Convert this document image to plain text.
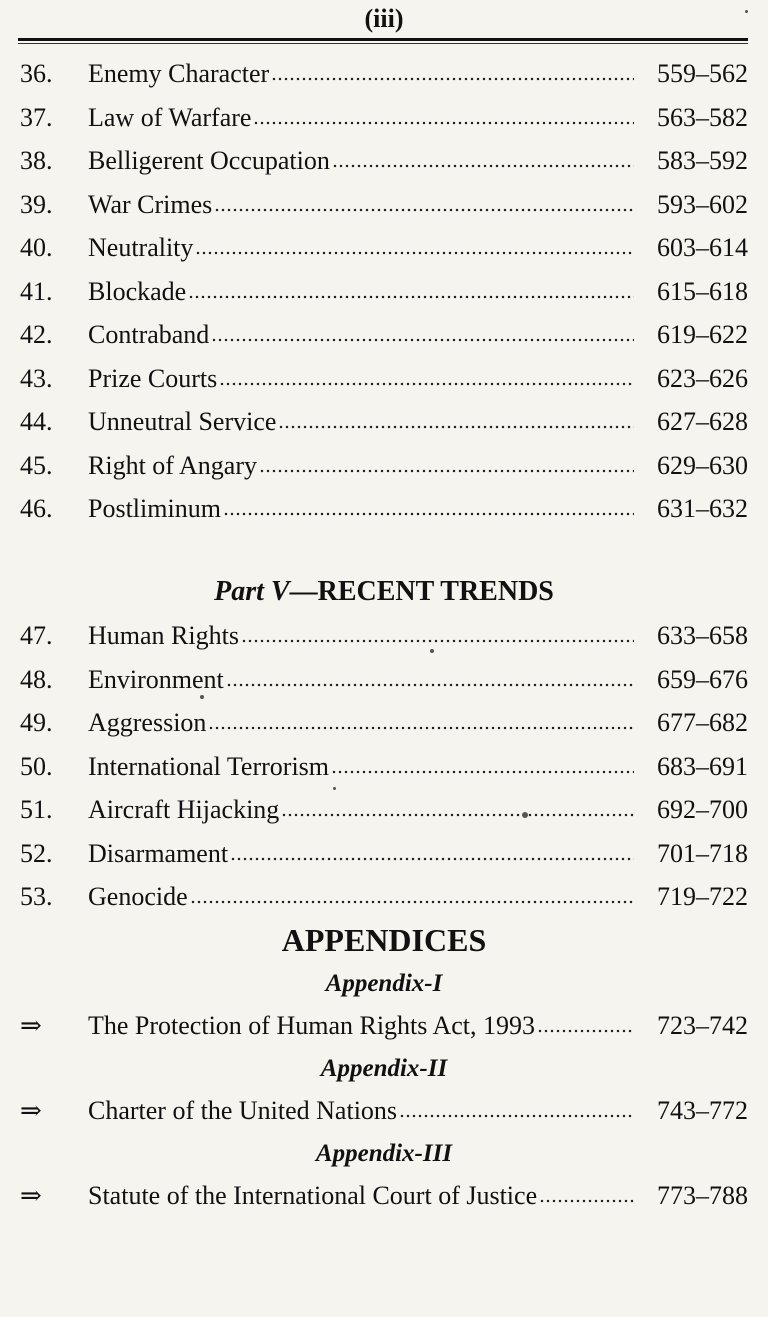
(iii)
36. Enemy Character	559–562
37. Law of Warfare	563–582
38. Belligerent Occupation	583–592
39. War Crimes	593–602
40. Neutrality	603–614
41. Blockade	615–618
42. Contraband	619–622
43. Prize Courts	623–626
44. Unneutral Service	627–628
45. Right of Angary	629–630
46. Postliminum	631–632
Part V—RECENT TRENDS
47. Human Rights	633–658
48. Environment	659–676
49. Aggression	677–682
50. International Terrorism	683–691
51. Aircraft Hijacking	692–700
52. Disarmament	701–718
53. Genocide	719–722
APPENDICES
Appendix-I
⇒ The Protection of Human Rights Act, 1993	723–742
Appendix-II
⇒ Charter of the United Nations	743–772
Appendix-III
⇒ Statute of the International Court of Justice	773–788
